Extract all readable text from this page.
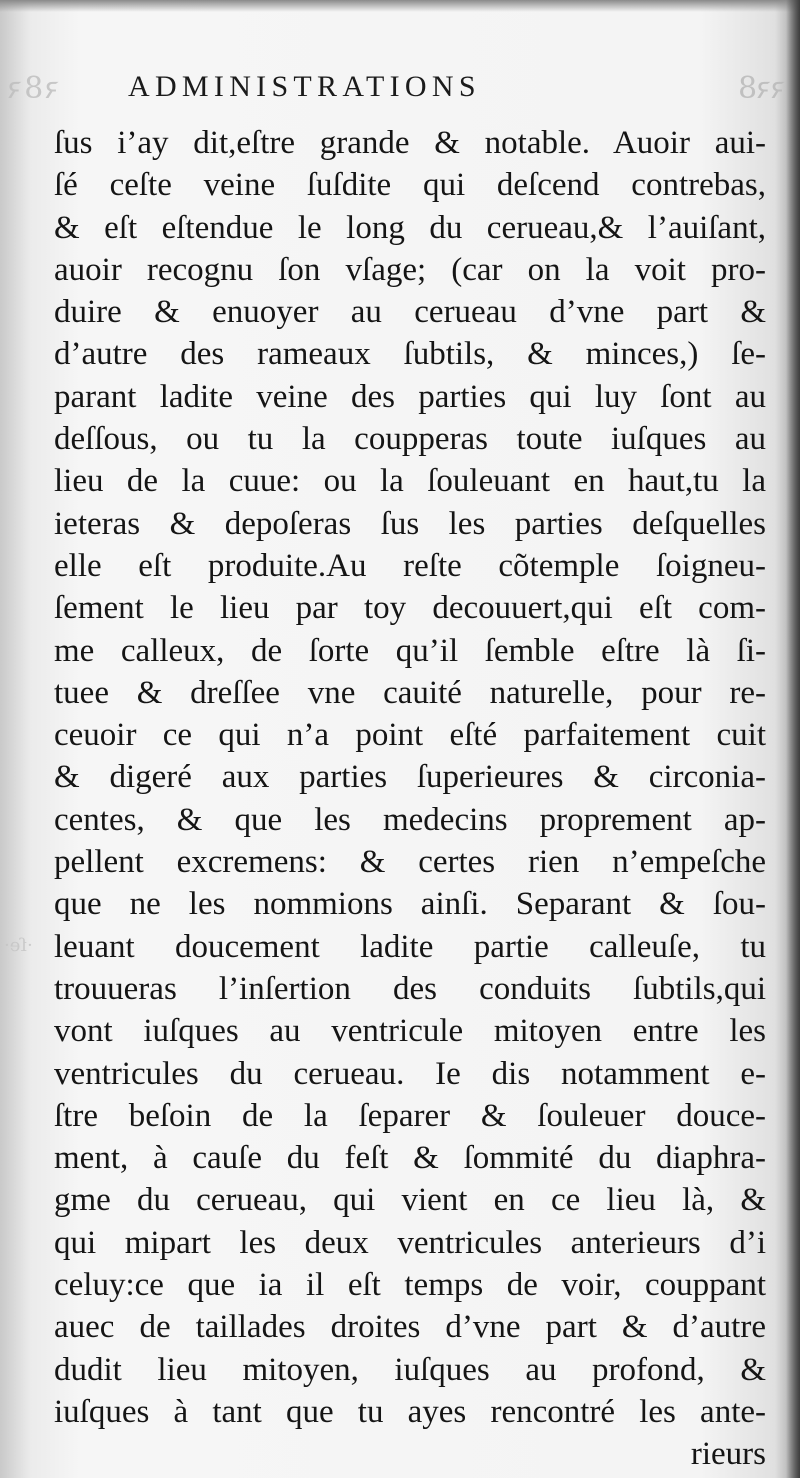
ꝛ8ꝛ	ꝛꝛ8
·ſe·
ADMINISTRATIONS
ſus i’ay dit,eſtre grande & notable. Auoir aui-
ſé ceſte veine ſuſdite qui deſcend contrebas,
& eſt eſtendue le long du cerueau,& l’auiſant,
auoir recognu ſon vſage; (car on la voit pro-
duire & enuoyer au cerueau d’vne part &
d’autre des rameaux ſubtils, & minces,) ſe-
parant ladite veine des parties qui luy ſont au
deſſous, ou tu la coupperas toute iuſques au
lieu de la cuue: ou la ſouleuant en haut,tu la
ieteras & depoſeras ſus les parties deſquelles
elle eſt produite.Au reſte cõtemple ſoigneu-
ſement le lieu par toy decouuert,qui eſt com-
me calleux, de ſorte qu’il ſemble eſtre là ſi-
tuee & dreſſee vne cauité naturelle, pour re-
ceuoir ce qui n’a point eſté parfaitement cuit
& digeré aux parties ſuperieures & circonia-
centes, & que les medecins proprement ap-
pellent excremens: & certes rien n’empeſche
que ne les nommions ainſi. Separant & ſou-
leuant doucement ladite partie calleuſe, tu
trouueras l’inſertion des conduits ſubtils,qui
vont iuſques au ventricule mitoyen entre les
ventricules du cerueau. Ie dis notamment e-
ſtre beſoin de la ſeparer & ſouleuer douce-
ment, à cauſe du feſt & ſommité du diaphra-
gme du cerueau, qui vient en ce lieu là, &
qui mipart les deux ventricules anterieurs d’i
celuy:ce que ia il eſt temps de voir, couppant
auec de taillades droites d’vne part & d’autre
dudit lieu mitoyen, iuſques au profond, &
iuſques à tant que tu ayes rencontré les ante-
rieurs
